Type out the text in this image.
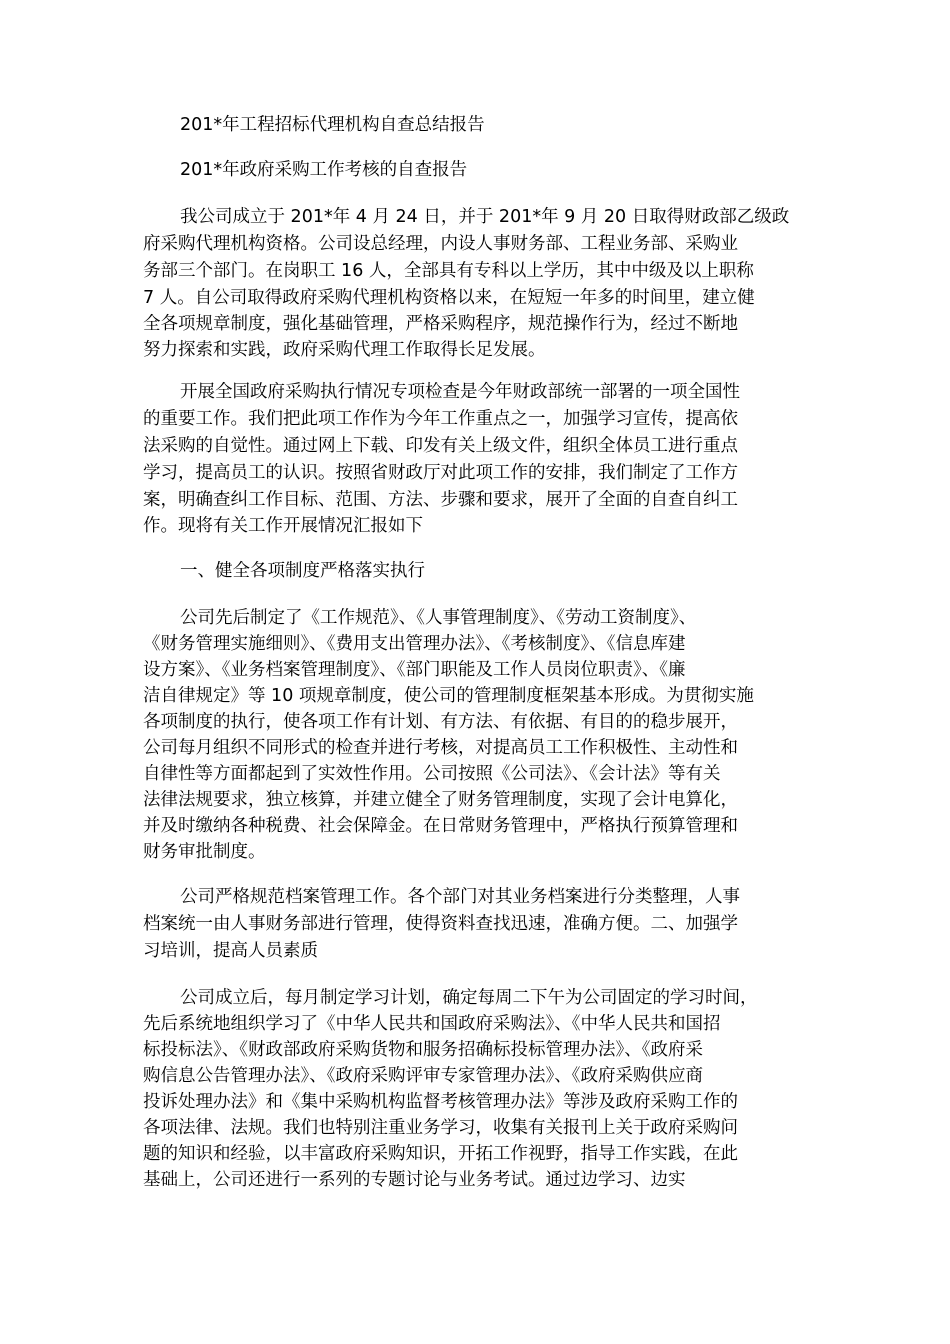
201*年工程招标代理机构自查总结报告
201*年政府采购工作考核的自查报告
我公司成立于 201*年 4 月 24 日，并于 201*年 9 月 20 日取得财政部乙级政
府采购代理机构资格。公司设总经理，内设人事财务部、工程业务部、采购业
务部三个部门。在岗职工 16 人，全部具有专科以上学历，其中中级及以上职称
7 人。自公司取得政府采购代理机构资格以来，在短短一年多的时间里，建立健
全各项规章制度，强化基础管理，严格采购程序，规范操作行为，经过不断地
努力探索和实践，政府采购代理工作取得长足发展。
开展全国政府采购执行情况专项检查是今年财政部统一部署的一项全国性
的重要工作。我们把此项工作作为今年工作重点之一，加强学习宣传，提高依
法采购的自觉性。通过网上下载、印发有关上级文件，组织全体员工进行重点
学习，提高员工的认识。按照省财政厅对此项工作的安排，我们制定了工作方
案，明确查纠工作目标、范围、方法、步骤和要求，展开了全面的自查自纠工
作。现将有关工作开展情况汇报如下
一、健全各项制度严格落实执行
公司先后制定了《工作规范》、《人事管理制度》、《劳动工资制度》、
《财务管理实施细则》、《费用支出管理办法》、《考核制度》、《信息库建
设方案》、《业务档案管理制度》、《部门职能及工作人员岗位职责》、《廉
洁自律规定》等 10 项规章制度，使公司的管理制度框架基本形成。为贯彻实施
各项制度的执行，使各项工作有计划、有方法、有依据、有目的的稳步展开，
公司每月组织不同形式的检查并进行考核，对提高员工工作积极性、主动性和
自律性等方面都起到了实效性作用。公司按照《公司法》、《会计法》等有关
法律法规要求，独立核算，并建立健全了财务管理制度，实现了会计电算化，
并及时缴纳各种税费、社会保障金。在日常财务管理中，严格执行预算管理和
财务审批制度。
公司严格规范档案管理工作。各个部门对其业务档案进行分类整理，人事
档案统一由人事财务部进行管理，使得资料查找迅速，准确方便。二、加强学
习培训，提高人员素质
公司成立后，每月制定学习计划，确定每周二下午为公司固定的学习时间，
先后系统地组织学习了《中华人民共和国政府采购法》、《中华人民共和国招
标投标法》、《财政部政府采购货物和服务招确标投标管理办法》、《政府采
购信息公告管理办法》、《政府采购评审专家管理办法》、《政府采购供应商
投诉处理办法》和《集中采购机构监督考核管理办法》等涉及政府采购工作的
各项法律、法规。我们也特别注重业务学习，收集有关报刊上关于政府采购问
题的知识和经验，以丰富政府采购知识，开拓工作视野，指导工作实践，在此
基础上，公司还进行一系列的专题讨论与业务考试。通过边学习、边实
